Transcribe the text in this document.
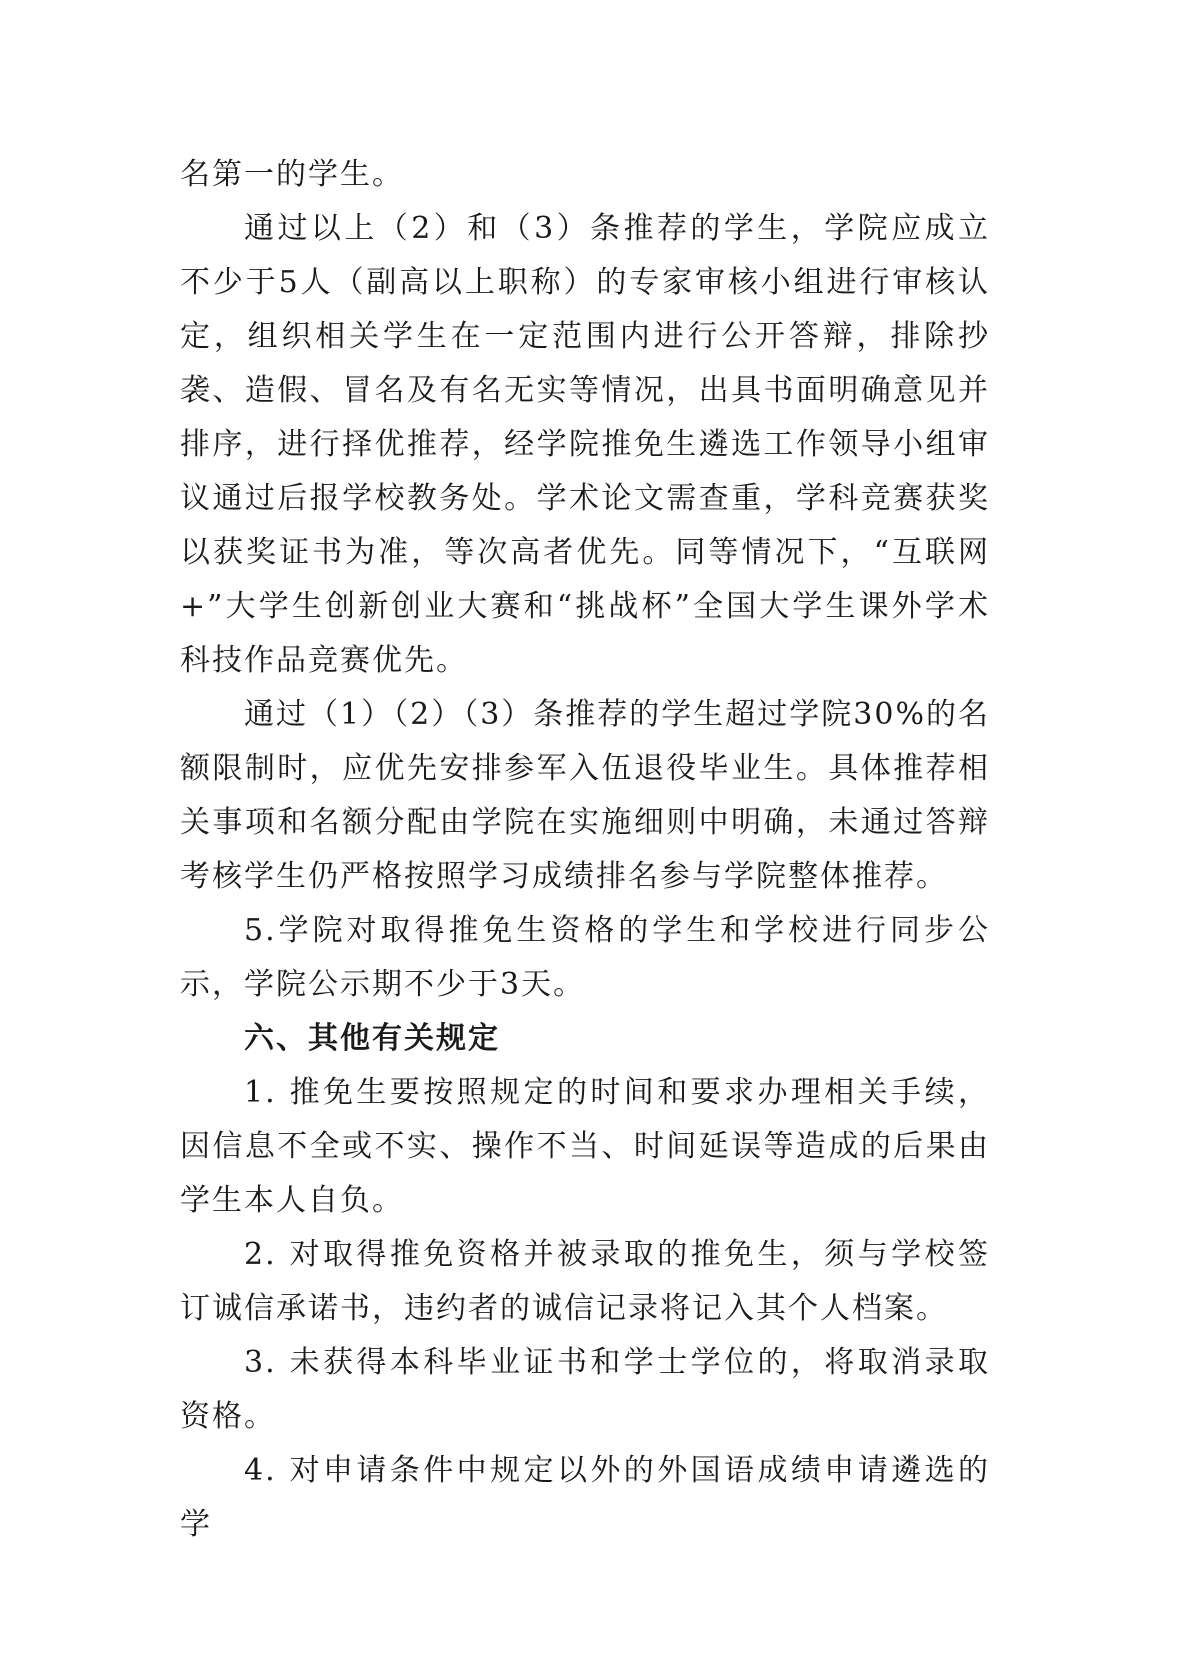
名第一的学生。

通过以上（2）和（3）条推荐的学生，学院应成立不少于5人（副高以上职称）的专家审核小组进行审核认定，组织相关学生在一定范围内进行公开答辩，排除抄袭、造假、冒名及有名无实等情况，出具书面明确意见并排序，进行择优推荐，经学院推免生遴选工作领导小组审议通过后报学校教务处。学术论文需查重，学科竞赛获奖以获奖证书为准，等次高者优先。同等情况下，“互联网+”大学生创新创业大赛和“挑战杯”全国大学生课外学术科技作品竞赛优先。

通过（1）（2）（3）条推荐的学生超过学院30%的名额限制时，应优先安排参军入伍退役毕业生。具体推荐相关事项和名额分配由学院在实施细则中明确，未通过答辩考核学生仍严格按照学习成绩排名参与学院整体推荐。

5.学院对取得推免生资格的学生和学校进行同步公示，学院公示期不少于3天。

六、其他有关规定

1. 推免生要按照规定的时间和要求办理相关手续，因信息不全或不实、操作不当、时间延误等造成的后果由学生本人自负。

2. 对取得推免资格并被录取的推免生，须与学校签订诚信承诺书，违约者的诚信记录将记入其个人档案。

3. 未获得本科毕业证书和学士学位的，将取消录取资格。

4. 对申请条件中规定以外的外国语成绩申请遴选的学
